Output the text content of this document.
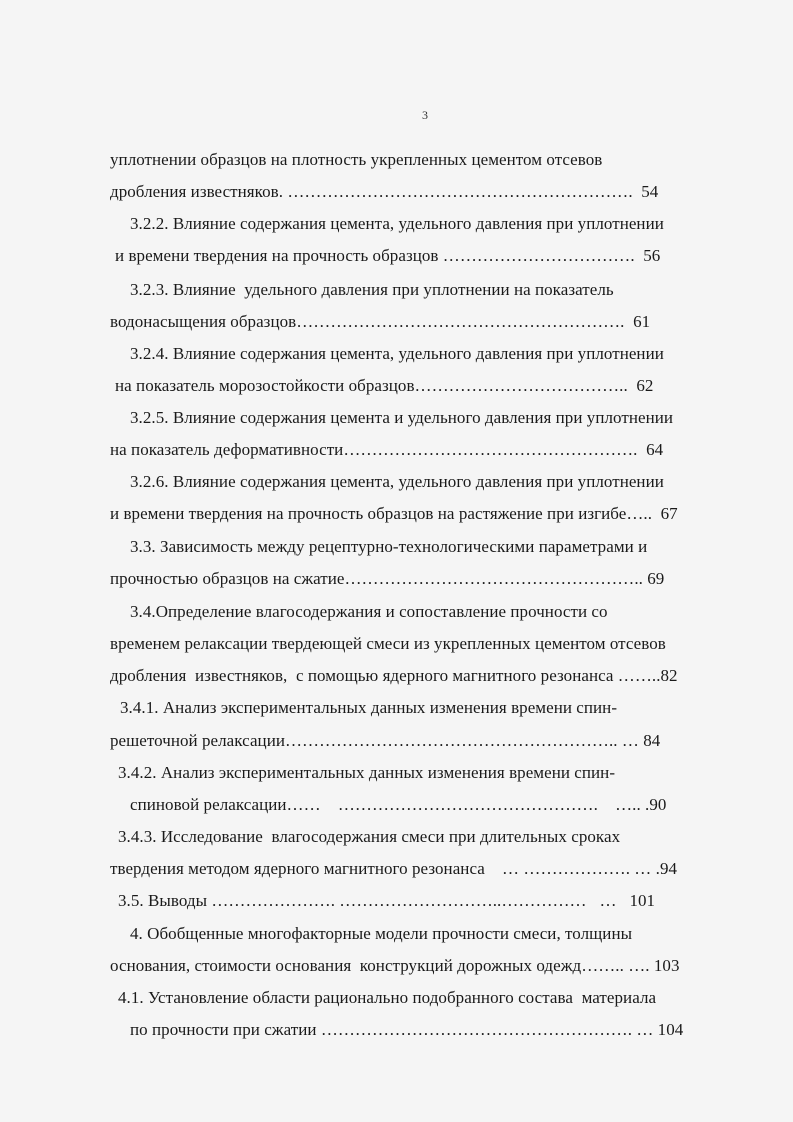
3
уплотнении образцов на плотность укрепленных цементом отсевов
дробления известняков. …………………………………………………….  54
3.2.2. Влияние содержания цемента, удельного давления при уплотнении
и времени твердения на прочность образцов …………………………….  56
3.2.3. Влияние  удельного давления при уплотнении на показатель
водонасыщения образцов………………………………………………….  61
3.2.4. Влияние содержания цемента, удельного давления при уплотнении
на показатель морозостойкости образцов………………………………..  62
3.2.5. Влияние содержания цемента и удельного давления при уплотнении
на показатель деформативности…………………………………………….  64
3.2.6. Влияние содержания цемента, удельного давления при уплотнении
и времени твердения на прочность образцов на растяжение при изгибе…..  67
3.3. Зависимость между рецептурно-технологическими параметрами и
прочностью образцов на сжатие…………………………………………….. 69
3.4.Определение влагосодержания и сопоставление прочности со
временем релаксации твердеющей смеси из укрепленных цементом отсевов
дробления  известняков,  с помощью ядерного магнитного резонанса ……..82
3.4.1. Анализ экспериментальных данных изменения времени спин-
решеточной релаксации………………………………………………….. … 84
3.4.2. Анализ экспериментальных данных изменения времени спин-
спиновой релаксации……    ……………………………………….    ….. .90
3.4.3. Исследование  влагосодержания смеси при длительных сроках
твердения методом ядерного магнитного резонанса    … ………………. … .94
3.5. Выводы …………………. ………………………..……………   …   101
4. Обобщенные многофакторные модели прочности смеси, толщины
основания, стоимости основания  конструкций дорожных одежд…….. …. 103
4.1. Установление области рационально подобранного состава  материала
по прочности при сжатии ………………………………………………. … 104
